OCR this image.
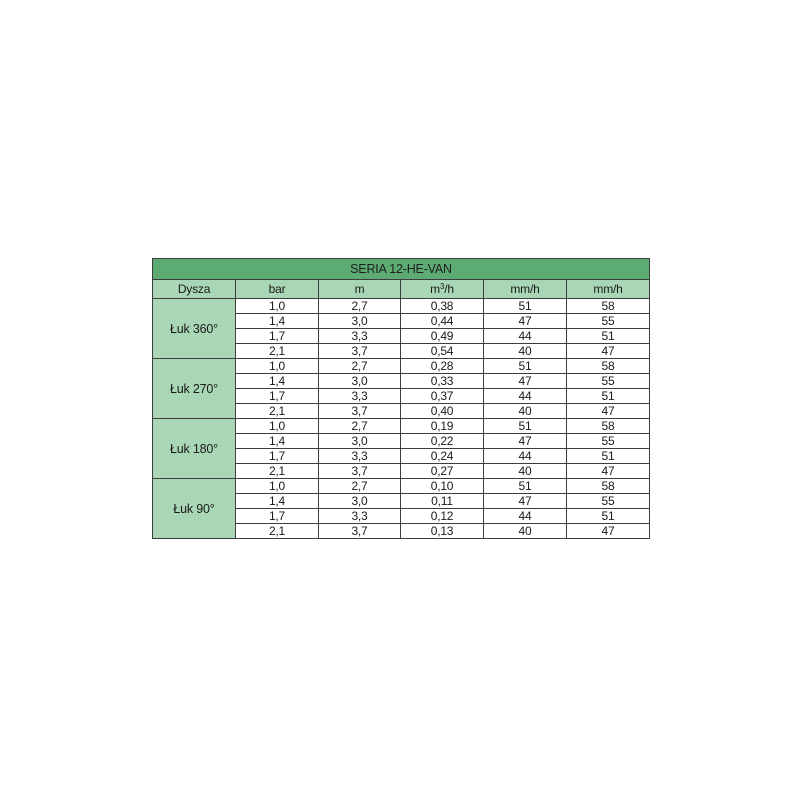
SERIA 12-HE-VAN					
Dysza	bar	m	$m^3/h$	mm/h	mm/h
Łuk 360°	1,0	2,7	0,38	51	58
	1,4	3,0	0,44	47	55
	1,7	3,3	0,49	44	51
	2,1	3,7	0,54	40	47
Łuk 270°	1,0	2,7	0,28	51	58
	1,4	3,0	0,33	47	55
	1,7	3,3	0,37	44	51
	2,1	3,7	0,40	40	47
Łuk 180°	1,0	2,7	0,19	51	58
	1,4	3,0	0,22	47	55
	1,7	3,3	0,24	44	51
	2,1	3,7	0,27	40	47
Łuk 90°	1,0	2,7	0,10	51	58
	1,4	3,0	0,11	47	55
	1,7	3,3	0,12	44	51
	2,1	3,7	0,13	40	47
